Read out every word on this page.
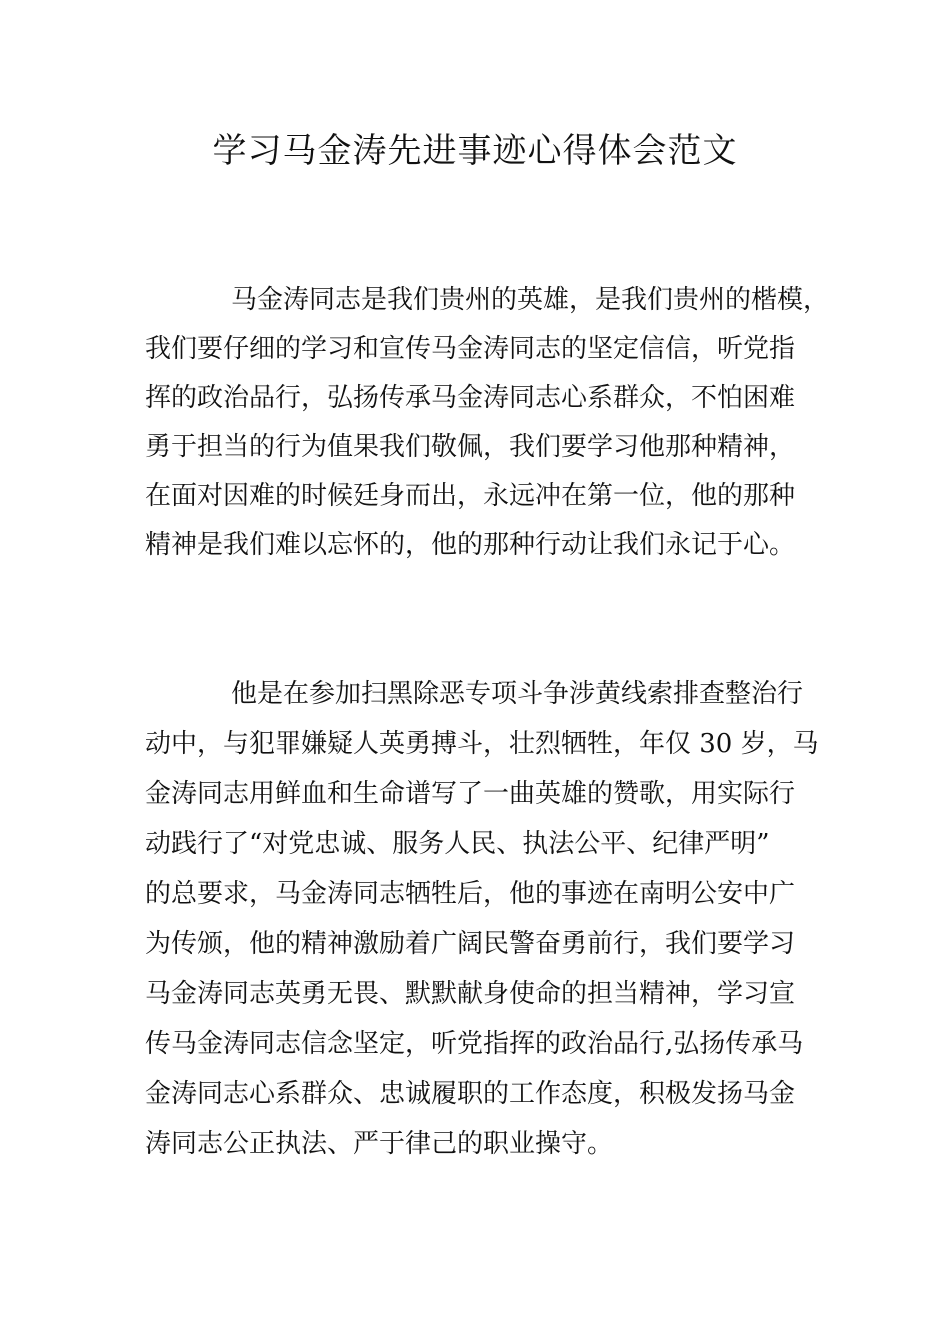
学习马金涛先进事迹心得体会范文

马金涛同志是我们贵州的英雄，是我们贵州的楷模，

我们要仔细的学习和宣传马金涛同志的坚定信信，听党指

挥的政治品行，弘扬传承马金涛同志心系群众，不怕困难

勇于担当的行为值果我们敬佩，我们要学习他那种精神，

在面对因难的时候廷身而出，永远冲在第一位，他的那种

精神是我们难以忘怀的，他的那种行动让我们永记于心。

他是在参加扫黑除恶专项斗争涉黄线索排查整治行

动中，与犯罪嫌疑人英勇搏斗，壮烈牺牲，年仅 30 岁，马

金涛同志用鲜血和生命谱写了一曲英雄的赞歌，用实际行

动践行了“对党忠诚、服务人民、执法公平、纪律严明”

的总要求，马金涛同志牺牲后，他的事迹在南明公安中广

为传颁，他的精神激励着广阔民警奋勇前行，我们要学习

马金涛同志英勇无畏、默默献身使命的担当精神，学习宣

传马金涛同志信念坚定，听党指挥的政治品行,弘扬传承马

金涛同志心系群众、忠诚履职的工作态度，积极发扬马金

涛同志公正执法、严于律己的职业操守。
